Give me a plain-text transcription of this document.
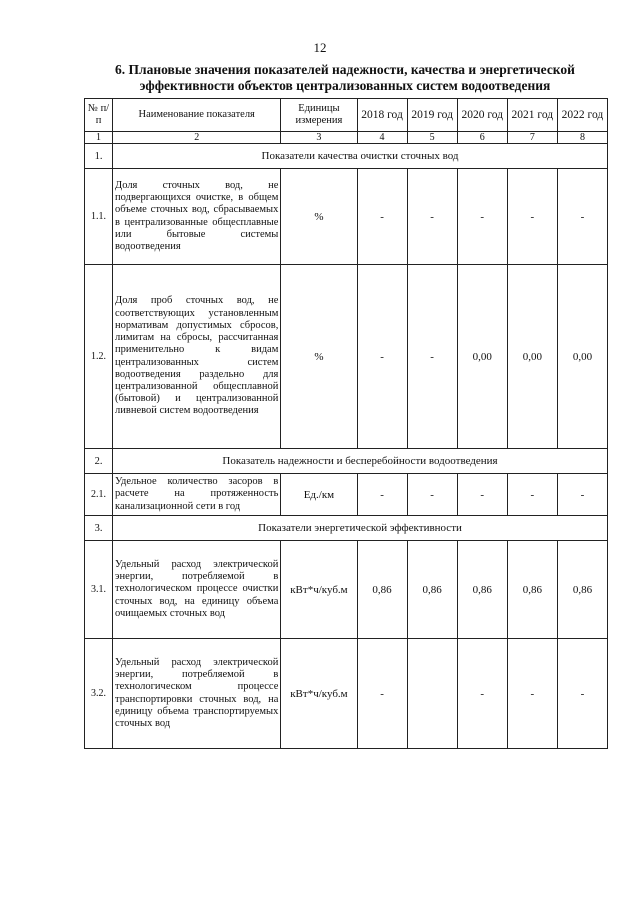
12
6. Плановые значения показателей надежности, качества и энергетической эффективности объектов централизованных систем водоотведения
№ п/п	Наименование показателя	Единицы измерения	2018 год	2019 год	2020 год	2021 год	2022 год
1	2	3	4	5	6	7	8
1.	Показатели качества очистки сточных вод						
1.1.	Доля сточных вод, не подвергающихся очистке, в общем объеме сточных вод, сбрасываемых в централизованные общесплавные или бытовые системы водоотведения	%	-	-	-	-	-
1.2.	Доля проб сточных вод, не соответствующих установленным нормативам допустимых сбросов, лимитам на сбросы, рассчитанная применительно к видам централизованных систем водоотведения раздельно для централизованной общесплавной (бытовой) и централизованной ливневой систем водоотведения	%	-	-	0,00	0,00	0,00
2.	Показатель надежности и бесперебойности водоотведения						
2.1.	Удельное количество засоров в расчете на протяженность канализационной сети в год	Ед./км	-	-	-	-	-
3.	Показатели энергетической эффективности						
3.1.	Удельный расход электрической энергии, потребляемой в технологическом процессе очистки сточных вод, на единицу объема очищаемых сточных вод	кВт*ч/куб.м	0,86	0,86	0,86	0,86	0,86
3.2.	Удельный расход электрической энергии, потребляемой в технологическом процессе транспортировки сточных вод, на единицу объема транспортируемых сточных вод	кВт*ч/куб.м	-		-	-	-
